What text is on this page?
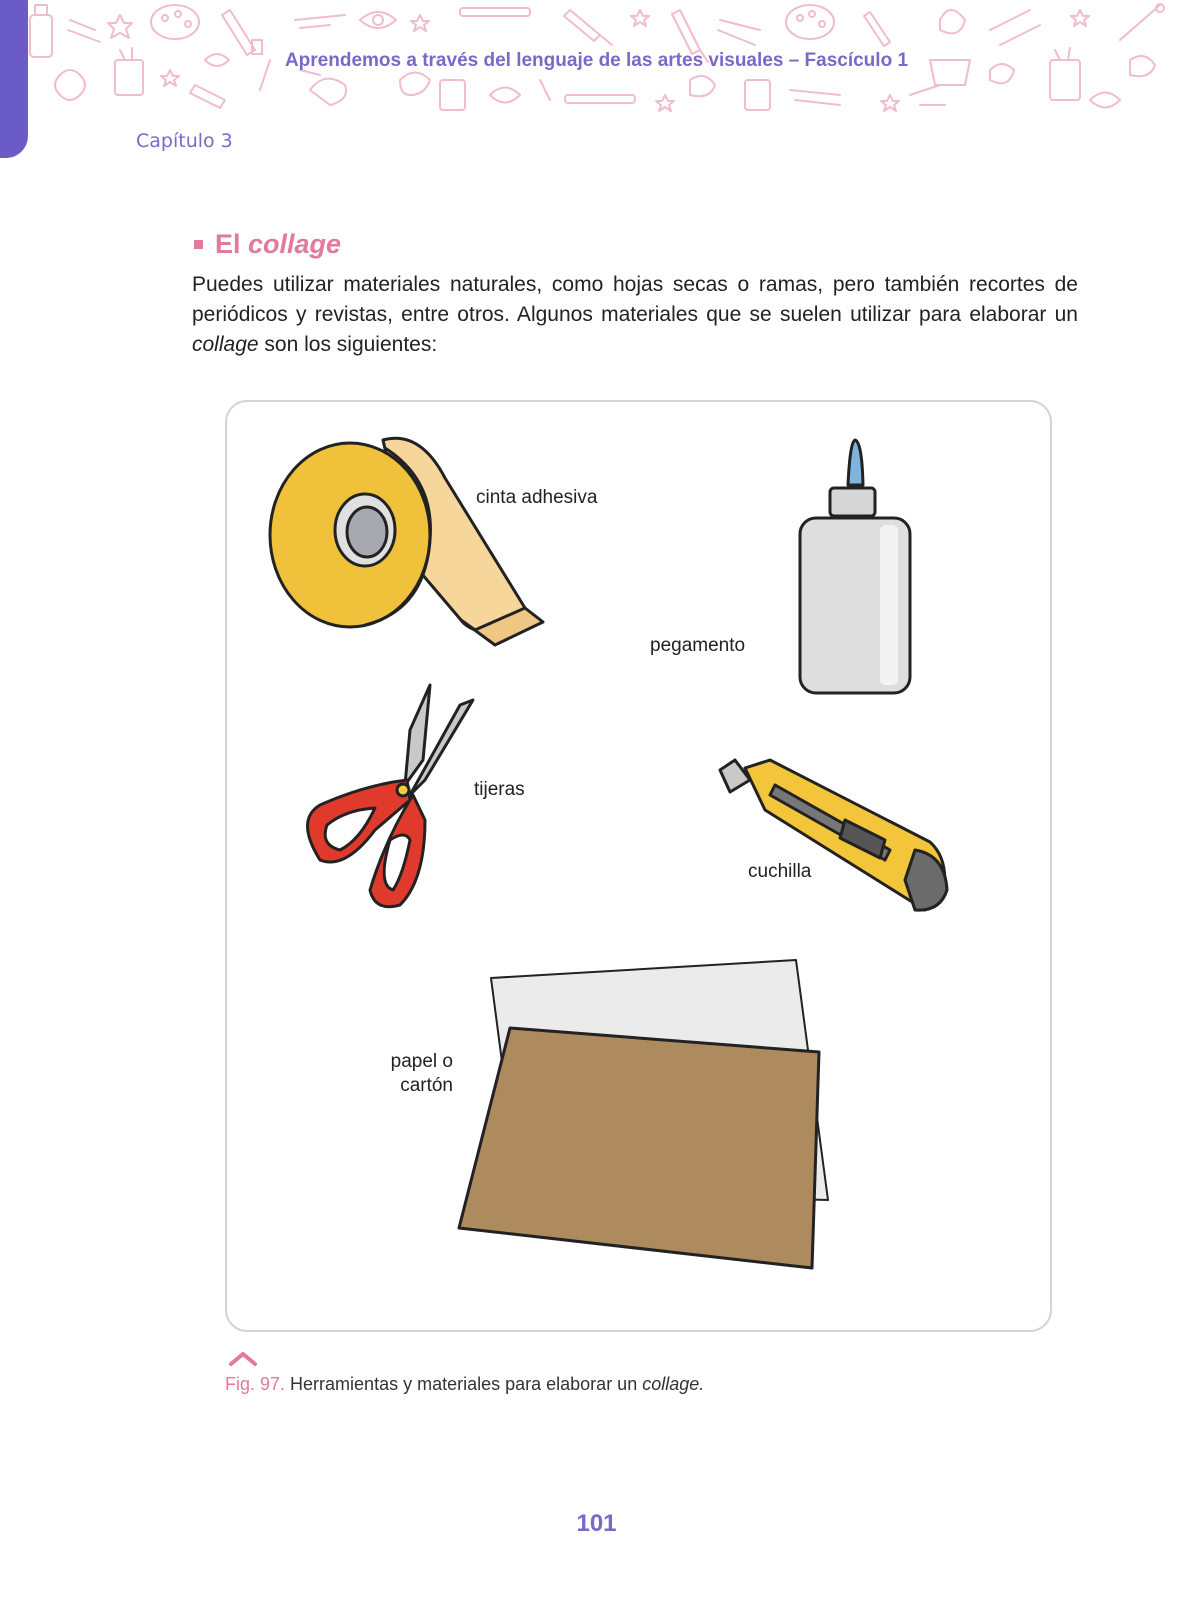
Aprendemos a través del lenguaje de las artes visuales – Fascículo 1
Capítulo 3
El collage
Puedes utilizar materiales naturales, como hojas secas o ramas, pero también recortes de periódicos y revistas, entre otros. Algunos materiales que se suelen utilizar para elaborar un collage son los siguientes:
cinta adhesiva
pegamento
tijeras
cuchilla
papel o
cartón
Fig. 97. Herramientas y materiales para elaborar un collage.
101
